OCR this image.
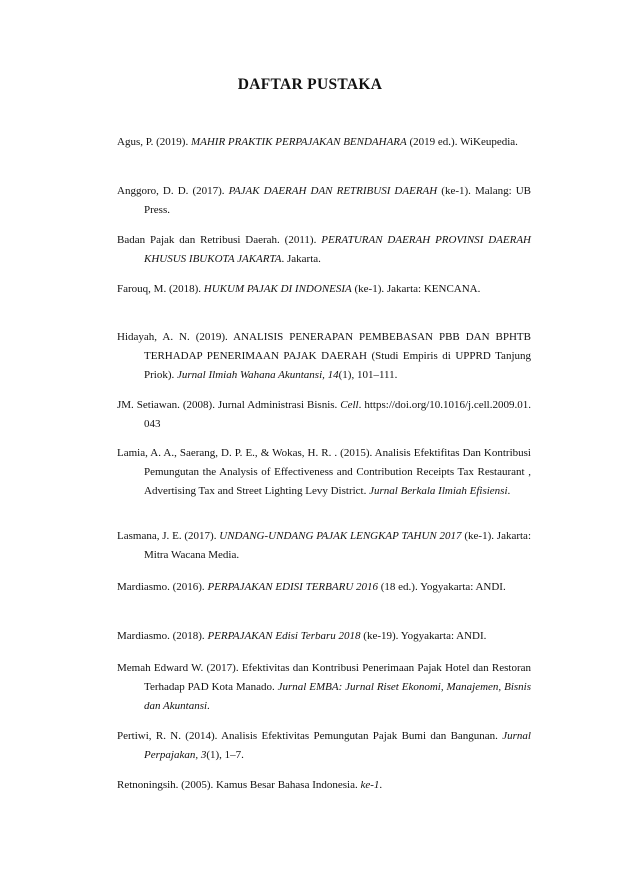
DAFTAR PUSTAKA
Agus, P. (2019). MAHIR PRAKTIK PERPAJAKAN BENDAHARA (2019 ed.). WiKeupedia.
Anggoro, D. D. (2017). PAJAK DAERAH DAN RETRIBUSI DAERAH (ke-1). Malang: UB Press.
Badan Pajak dan Retribusi Daerah. (2011). PERATURAN DAERAH PROVINSI DAERAH KHUSUS IBUKOTA JAKARTA. Jakarta.
Farouq, M. (2018). HUKUM PAJAK DI INDONESIA (ke-1). Jakarta: KENCANA.
Hidayah, A. N. (2019). ANALISIS PENERAPAN PEMBEBASAN PBB DAN BPHTB TERHADAP PENERIMAAN PAJAK DAERAH (Studi Empiris di UPPRD Tanjung Priok). Jurnal Ilmiah Wahana Akuntansi, 14(1), 101–111.
JM. Setiawan. (2008). Jurnal Administrasi Bisnis. Cell. https://doi.org/10.1016/j.cell.2009.01.043
Lamia, A. A., Saerang, D. P. E., & Wokas, H. R. . (2015). Analisis Efektifitas Dan Kontribusi Pemungutan the Analysis of Effectiveness and Contribution Receipts Tax Restaurant , Advertising Tax and Street Lighting Levy District. Jurnal Berkala Ilmiah Efisiensi.
Lasmana, J. E. (2017). UNDANG-UNDANG PAJAK LENGKAP TAHUN 2017 (ke-1). Jakarta: Mitra Wacana Media.
Mardiasmo. (2016). PERPAJAKAN EDISI TERBARU 2016 (18 ed.). Yogyakarta: ANDI.
Mardiasmo. (2018). PERPAJAKAN Edisi Terbaru 2018 (ke-19). Yogyakarta: ANDI.
Memah Edward W. (2017). Efektivitas dan Kontribusi Penerimaan Pajak Hotel dan Restoran Terhadap PAD Kota Manado. Jurnal EMBA: Jurnal Riset Ekonomi, Manajemen, Bisnis dan Akuntansi.
Pertiwi, R. N. (2014). Analisis Efektivitas Pemungutan Pajak Bumi dan Bangunan. Jurnal Perpajakan, 3(1), 1–7.
Retnoningsih. (2005). Kamus Besar Bahasa Indonesia. ke-1.
